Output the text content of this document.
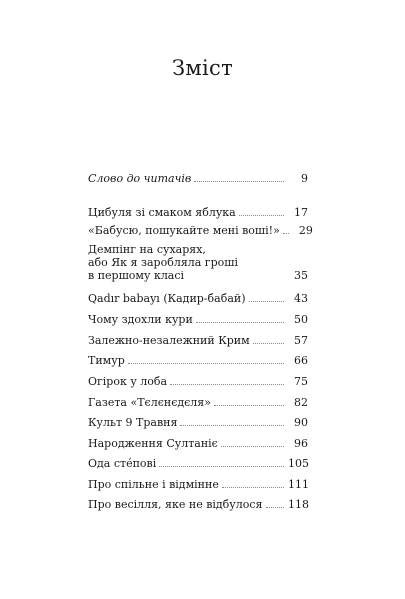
Зміст
Слово до читачів	9
Цибуля зі смаком яблука	17
«Бабусю, пошукайте мені воші!»	29
Демпінг на сухарях,
або Як я заробляла гроші
в першому класі	35
Qadır babayı (Кадир-бабай)	43
Чому здохли кури	50
Залежно-незалежний Крим	57
Тимур	66
Огірок у лоба	75
Газета «Тєлєнєдєля»	82
Культ 9 Травня	90
Народження Султаніє	96
Ода стéпові	105
Про спільне і відмінне	111
Про весілля, яке не відбулося 118
